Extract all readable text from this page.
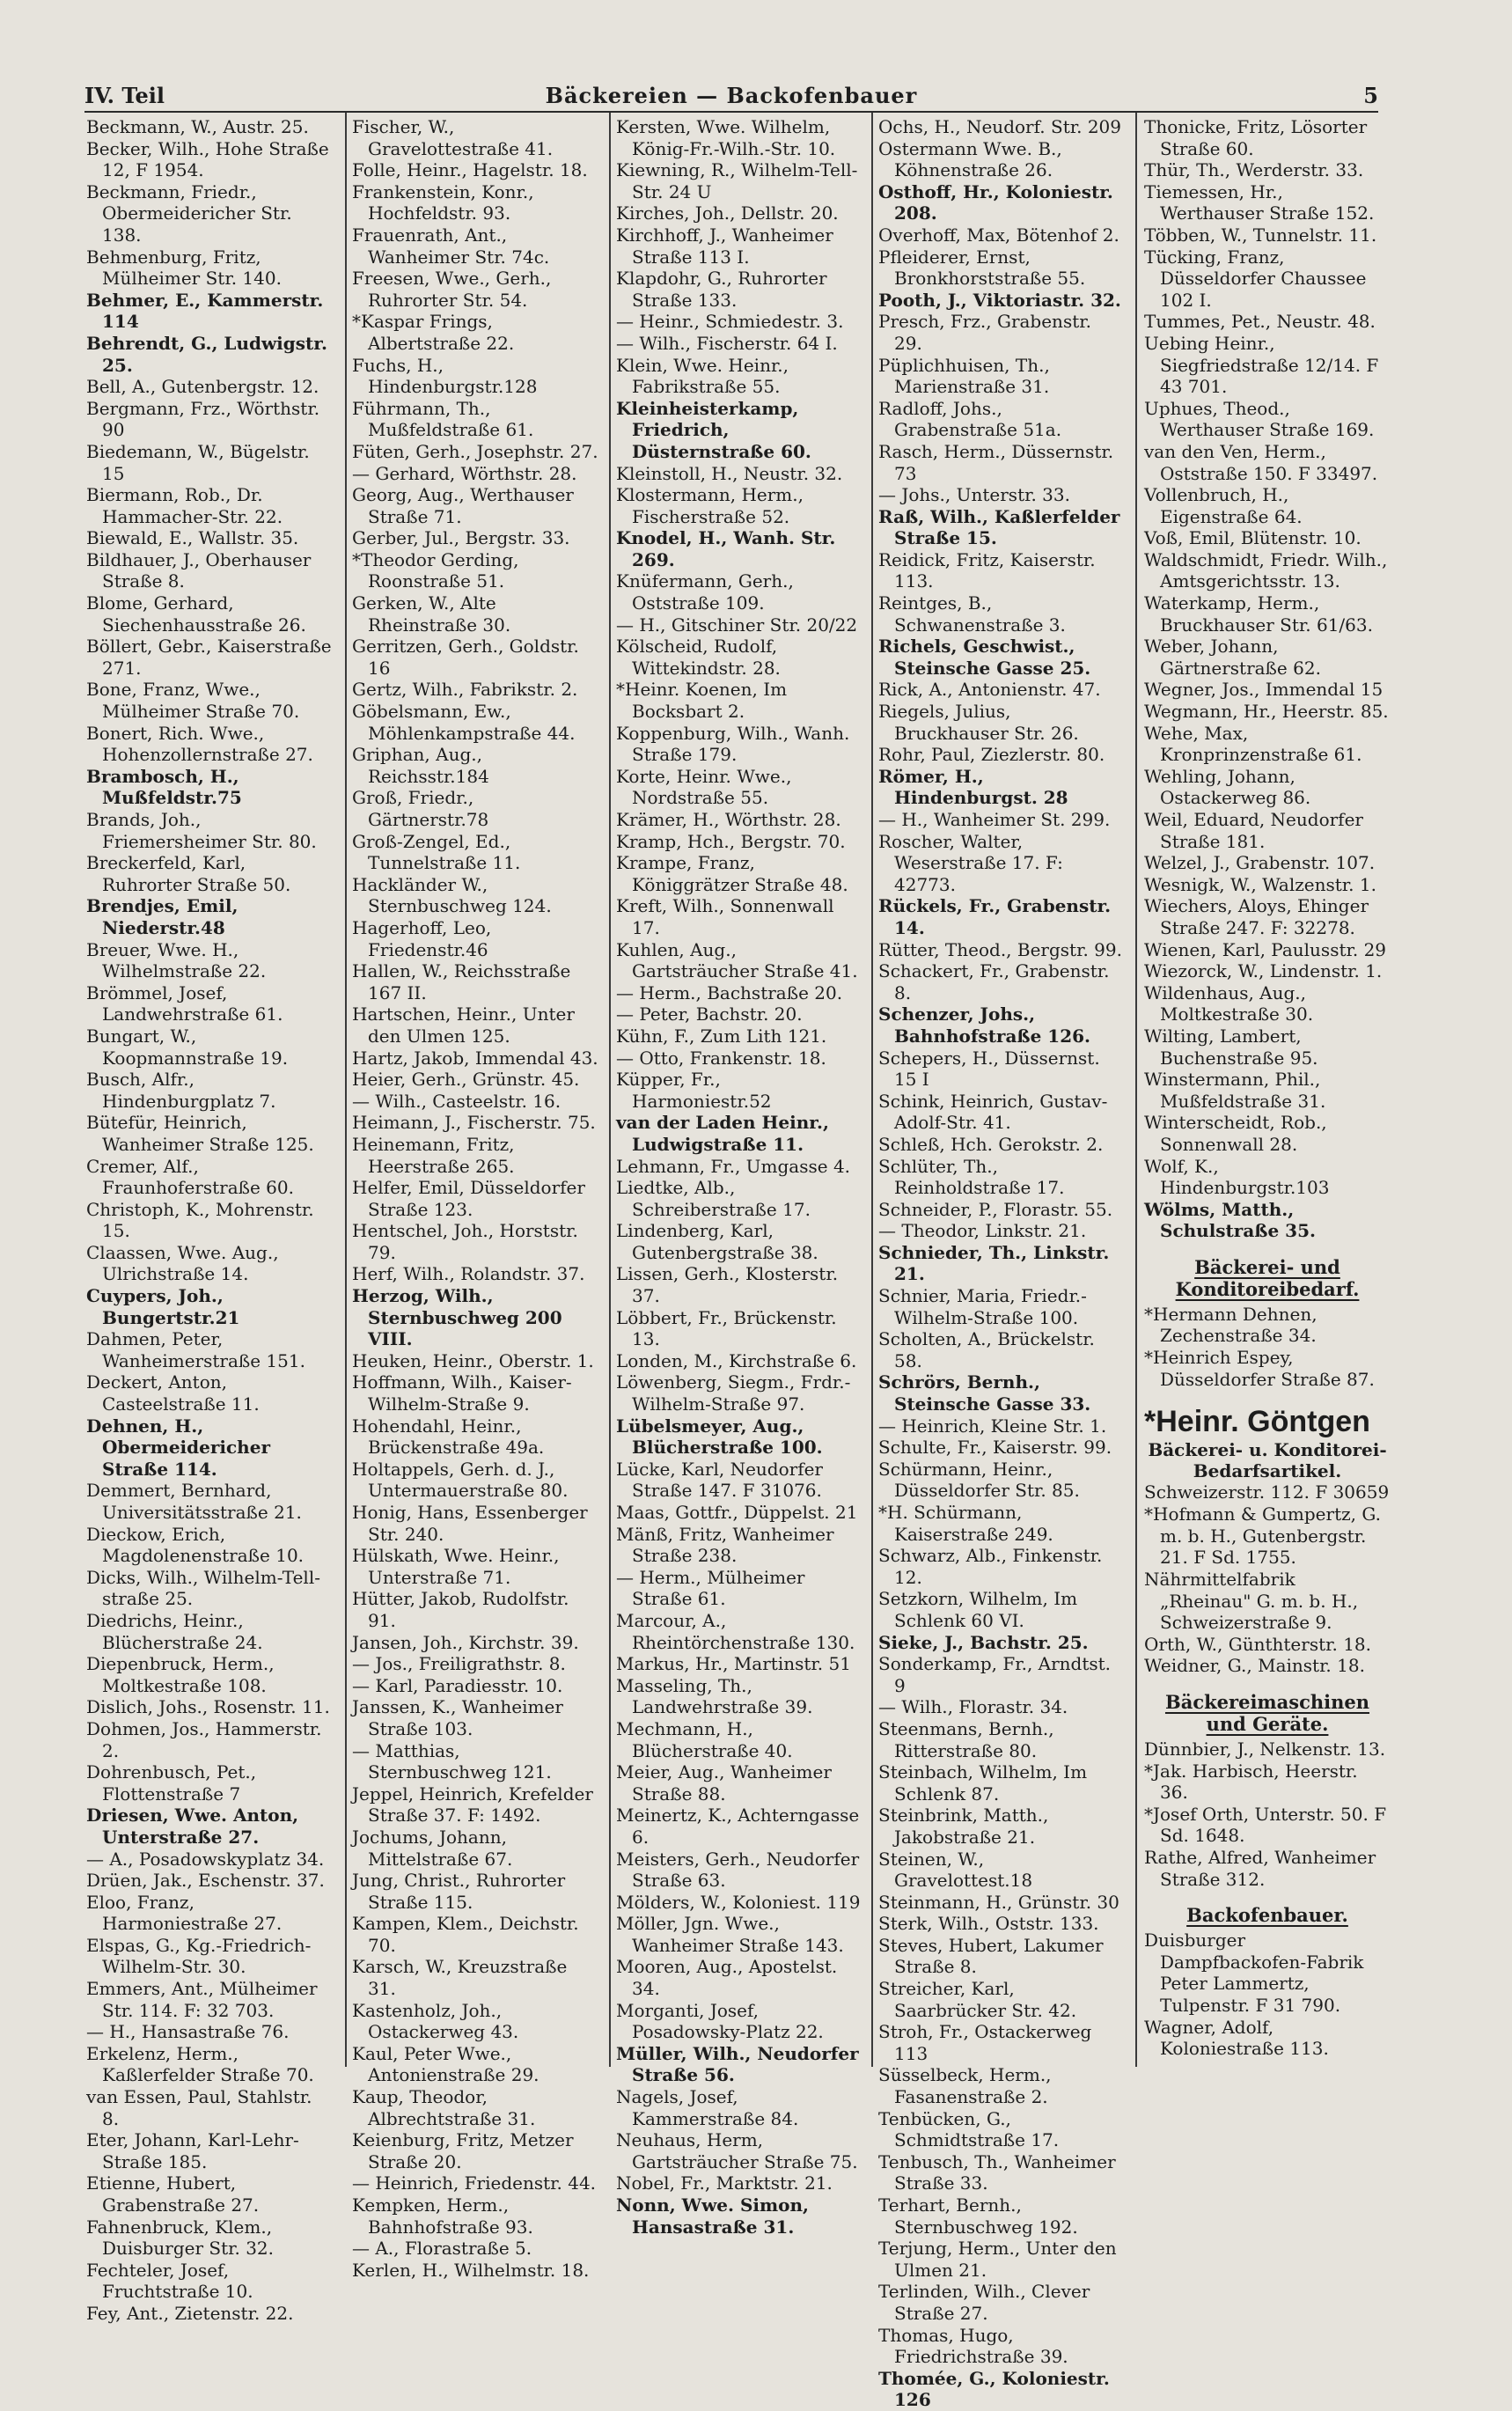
IV. Teil	Bäckereien — Backofenbauer	5

Beckmann, W., Austr. 25.

Becker, Wilh., Hohe Straße 12, F 1954.

Beckmann, Friedr., Obermeidericher Str. 138.

Behmenburg, Fritz, Mülheimer Str. 140.

Behmer, E., Kammerstr. 114

Behrendt, G., Ludwigstr. 25.

Bell, A., Gutenbergstr. 12.

Bergmann, Frz., Wörthstr. 90

Biedemann, W., Bügelstr. 15

Biermann, Rob., Dr. Hammacher-Str. 22.

Biewald, E., Wallstr. 35.

Bildhauer, J., Oberhauser Straße 8.

Blome, Gerhard, Siechenhausstraße 26.

Böllert, Gebr., Kaiserstraße 271.

Bone, Franz, Wwe., Mülheimer Straße 70.

Bonert, Rich. Wwe., Hohenzollernstraße 27.

Brambosch, H., Mußfeldstr.75

Brands, Joh., Friemersheimer Str. 80.

Breckerfeld, Karl, Ruhrorter Straße 50.

Brendjes, Emil, Niederstr.48

Breuer, Wwe. H., Wilhelmstraße 22.

Brömmel, Josef, Landwehrstraße 61.

Bungart, W., Koopmannstraße 19.

Busch, Alfr., Hindenburgplatz 7.

Bütefür, Heinrich, Wanheimer Straße 125.

Cremer, Alf., Fraunhoferstraße 60.

Christoph, K., Mohrenstr. 15.

Claassen, Wwe. Aug., Ulrichstraße 14.

Cuypers, Joh., Bungertstr.21

Dahmen, Peter, Wanheimerstraße 151.

Deckert, Anton, Casteelstraße 11.

Dehnen, H., Obermeidericher Straße 114.

Demmert, Bernhard, Universitätsstraße 21.

Dieckow, Erich, Magdolenenstraße 10.

Dicks, Wilh., Wilhelm-Tell-straße 25.

Diedrichs, Heinr., Blücherstraße 24.

Diepenbruck, Herm., Moltkestraße 108.

Dislich, Johs., Rosenstr. 11.

Dohmen, Jos., Hammerstr. 2.

Dohrenbusch, Pet., Flottenstraße 7

Driesen, Wwe. Anton, Unterstraße 27.

— A., Posadowskyplatz 34.

Drüen, Jak., Eschenstr. 37.

Eloo, Franz, Harmoniestraße 27.

Elspas, G., Kg.-Friedrich-Wilhelm-Str. 30.

Emmers, Ant., Mülheimer Str. 114. F: 32 703.

— H., Hansastraße 76.

Erkelenz, Herm., Kaßlerfelder Straße 70.

van Essen, Paul, Stahlstr. 8.

Eter, Johann, Karl-Lehr-Straße 185.

Etienne, Hubert, Grabenstraße 27.

Fahnenbruck, Klem., Duisburger Str. 32.

Fechteler, Josef, Fruchtstraße 10.

Fey, Ant., Zietenstr. 22.

Fischer, W., Gravelottestraße 41.

Folle, Heinr., Hagelstr. 18.

Frankenstein, Konr., Hochfeldstr. 93.

Frauenrath, Ant., Wanheimer Str. 74c.

Freesen, Wwe., Gerh., Ruhrorter Str. 54.

*Kaspar Frings, Albertstraße 22.

Fuchs, H., Hindenburgstr.128

Führmann, Th., Mußfeldstraße 61.

Füten, Gerh., Josephstr. 27.

— Gerhard, Wörthstr. 28.

Georg, Aug., Werthauser Straße 71.

Gerber, Jul., Bergstr. 33.

*Theodor Gerding, Roonstraße 51.

Gerken, W., Alte Rheinstraße 30.

Gerritzen, Gerh., Goldstr. 16

Gertz, Wilh., Fabrikstr. 2.

Göbelsmann, Ew., Möhlenkampstraße 44.

Griphan, Aug., Reichsstr.184

Groß, Friedr., Gärtnerstr.78

Groß-Zengel, Ed., Tunnelstraße 11.

Hackländer W., Sternbuschweg 124.

Hagerhoff, Leo, Friedenstr.46

Hallen, W., Reichsstraße 167 II.

Hartschen, Heinr., Unter den Ulmen 125.

Hartz, Jakob, Immendal 43.

Heier, Gerh., Grünstr. 45.

— Wilh., Casteelstr. 16.

Heimann, J., Fischerstr. 75.

Heinemann, Fritz, Heerstraße 265.

Helfer, Emil, Düsseldorfer Straße 123.

Hentschel, Joh., Horststr. 79.

Herf, Wilh., Rolandstr. 37.

Herzog, Wilh., Sternbuschweg 200 VIII.

Heuken, Heinr., Oberstr. 1.

Hoffmann, Wilh., Kaiser-Wilhelm-Straße 9.

Hohendahl, Heinr., Brückenstraße 49a.

Holtappels, Gerh. d. J., Untermauerstraße 80.

Honig, Hans, Essenberger Str. 240.

Hülskath, Wwe. Heinr., Unterstraße 71.

Hütter, Jakob, Rudolfstr. 91.

Jansen, Joh., Kirchstr. 39.

— Jos., Freiligrathstr. 8.

— Karl, Paradiesstr. 10.

Janssen, K., Wanheimer Straße 103.

— Matthias, Sternbuschweg 121.

Jeppel, Heinrich, Krefelder Straße 37. F: 1492.

Jochums, Johann, Mittelstraße 67.

Jung, Christ., Ruhrorter Straße 115.

Kampen, Klem., Deichstr. 70.

Karsch, W., Kreuzstraße 31.

Kastenholz, Joh., Ostackerweg 43.

Kaul, Peter Wwe., Antonienstraße 29.

Kaup, Theodor, Albrechtstraße 31.

Keienburg, Fritz, Metzer Straße 20.

— Heinrich, Friedenstr. 44.

Kempken, Herm., Bahnhofstraße 93.

— A., Florastraße 5.

Kerlen, H., Wilhelmstr. 18.

Kersten, Wwe. Wilhelm, König-Fr.-Wilh.-Str. 10.

Kiewning, R., Wilhelm-Tell-Str. 24 U

Kirches, Joh., Dellstr. 20.

Kirchhoff, J., Wanheimer Straße 113 I.

Klapdohr, G., Ruhrorter Straße 133.

— Heinr., Schmiedestr. 3.

— Wilh., Fischerstr. 64 I.

Klein, Wwe. Heinr., Fabrikstraße 55.

Kleinheisterkamp, Friedrich, Düsternstraße 60.

Kleinstoll, H., Neustr. 32.

Klostermann, Herm., Fischerstraße 52.

Knodel, H., Wanh. Str. 269.

Knüfermann, Gerh., Oststraße 109.

— H., Gitschiner Str. 20/22

Kölscheid, Rudolf, Wittekindstr. 28.

*Heinr. Koenen, Im Bocksbart 2.

Koppenburg, Wilh., Wanh. Straße 179.

Korte, Heinr. Wwe., Nordstraße 55.

Krämer, H., Wörthstr. 28.

Kramp, Hch., Bergstr. 70.

Krampe, Franz, Königgrätzer Straße 48.

Kreft, Wilh., Sonnenwall 17.

Kuhlen, Aug., Gartsträucher Straße 41.

— Herm., Bachstraße 20.

— Peter, Bachstr. 20.

Kühn, F., Zum Lith 121.

— Otto, Frankenstr. 18.

Küpper, Fr., Harmoniestr.52

van der Laden Heinr., Ludwigstraße 11.

Lehmann, Fr., Umgasse 4.

Liedtke, Alb., Schreiberstraße 17.

Lindenberg, Karl, Gutenbergstraße 38.

Lissen, Gerh., Klosterstr. 37.

Löbbert, Fr., Brückenstr. 13.

Londen, M., Kirchstraße 6.

Löwenberg, Siegm., Frdr.-Wilhelm-Straße 97.

Lübelsmeyer, Aug., Blücherstraße 100.

Lücke, Karl, Neudorfer Straße 147. F 31076.

Maas, Gottfr., Düppelst. 21

Mänß, Fritz, Wanheimer Straße 238.

— Herm., Mülheimer Straße 61.

Marcour, A., Rheintörchenstraße 130.

Markus, Hr., Martinstr. 51

Masseling, Th., Landwehrstraße 39.

Mechmann, H., Blücherstraße 40.

Meier, Aug., Wanheimer Straße 88.

Meinertz, K., Achterngasse 6.

Meisters, Gerh., Neudorfer Straße 63.

Mölders, W., Koloniest. 119

Möller, Jgn. Wwe., Wanheimer Straße 143.

Mooren, Aug., Apostelst. 34.

Morganti, Josef, Posadowsky-Platz 22.

Müller, Wilh., Neudorfer Straße 56.

Nagels, Josef, Kammerstraße 84.

Neuhaus, Herm, Gartsträucher Straße 75.

Nobel, Fr., Marktstr. 21.

Nonn, Wwe. Simon, Hansastraße 31.

Ochs, H., Neudorf. Str. 209

Ostermann Wwe. B., Köhnenstraße 26.

Osthoff, Hr., Koloniestr. 208.

Overhoff, Max, Bötenhof 2.

Pfleiderer, Ernst, Bronkhorststraße 55.

Pooth, J., Viktoriastr. 32.

Presch, Frz., Grabenstr. 29.

Püplichhuisen, Th., Marienstraße 31.

Radloff, Johs., Grabenstraße 51a.

Rasch, Herm., Düssernstr. 73

— Johs., Unterstr. 33.

Raß, Wilh., Kaßlerfelder Straße 15.

Reidick, Fritz, Kaiserstr. 113.

Reintges, B., Schwanenstraße 3.

Richels, Geschwist., Steinsche Gasse 25.

Rick, A., Antonienstr. 47.

Riegels, Julius, Bruckhauser Str. 26.

Rohr, Paul, Ziezlerstr. 80.

Römer, H., Hindenburgst. 28

— H., Wanheimer St. 299.

Roscher, Walter, Weserstraße 17. F: 42773.

Rückels, Fr., Grabenstr. 14.

Rütter, Theod., Bergstr. 99.

Schackert, Fr., Grabenstr. 8.

Schenzer, Johs., Bahnhofstraße 126.

Schepers, H., Düssernst. 15 I

Schink, Heinrich, Gustav-Adolf-Str. 41.

Schleß, Hch. Gerokstr. 2.

Schlüter, Th., Reinholdstraße 17.

Schneider, P., Florastr. 55.

— Theodor, Linkstr. 21.

Schnieder, Th., Linkstr. 21.

Schnier, Maria, Friedr.-Wilhelm-Straße 100.

Scholten, A., Brückelstr. 58.

Schrörs, Bernh., Steinsche Gasse 33.

— Heinrich, Kleine Str. 1.

Schulte, Fr., Kaiserstr. 99.

Schürmann, Heinr., Düsseldorfer Str. 85.

*H. Schürmann, Kaiserstraße 249.

Schwarz, Alb., Finkenstr. 12.

Setzkorn, Wilhelm, Im Schlenk 60 VI.

Sieke, J., Bachstr. 25.

Sonderkamp, Fr., Arndtst. 9

— Wilh., Florastr. 34.

Steenmans, Bernh., Ritterstraße 80.

Steinbach, Wilhelm, Im Schlenk 87.

Steinbrink, Matth., Jakobstraße 21.

Steinen, W., Gravelottest.18

Steinmann, H., Grünstr. 30

Sterk, Wilh., Oststr. 133.

Steves, Hubert, Lakumer Straße 8.

Streicher, Karl, Saarbrücker Str. 42.

Stroh, Fr., Ostackerweg 113

Süsselbeck, Herm., Fasanenstraße 2.

Tenbücken, G., Schmidtstraße 17.

Tenbusch, Th., Wanheimer Straße 33.

Terhart, Bernh., Sternbuschweg 192.

Terjung, Herm., Unter den Ulmen 21.

Terlinden, Wilh., Clever Straße 27.

Thomas, Hugo, Friedrichstraße 39.

Thomée, G., Koloniestr. 126

Thonicke, Fritz, Lösorter Straße 60.

Thür, Th., Werderstr. 33.

Tiemessen, Hr., Werthauser Straße 152.

Többen, W., Tunnelstr. 11.

Tücking, Franz, Düsseldorfer Chaussee 102 I.

Tummes, Pet., Neustr. 48.

Uebing Heinr., Siegfriedstraße 12/14. F 43 701.

Uphues, Theod., Werthauser Straße 169.

van den Ven, Herm., Oststraße 150. F 33497.

Vollenbruch, H., Eigenstraße 64.

Voß, Emil, Blütenstr. 10.

Waldschmidt, Friedr. Wilh., Amtsgerichtsstr. 13.

Waterkamp, Herm., Bruckhauser Str. 61/63.

Weber, Johann, Gärtnerstraße 62.

Wegner, Jos., Immendal 15

Wegmann, Hr., Heerstr. 85.

Wehe, Max, Kronprinzenstraße 61.

Wehling, Johann, Ostackerweg 86.

Weil, Eduard, Neudorfer Straße 181.

Welzel, J., Grabenstr. 107.

Wesnigk, W., Walzenstr. 1.

Wiechers, Aloys, Ehinger Straße 247. F: 32278.

Wienen, Karl, Paulusstr. 29

Wiezorck, W., Lindenstr. 1.

Wildenhaus, Aug., Moltkestraße 30.

Wilting, Lambert, Buchenstraße 95.

Winstermann, Phil., Mußfeldstraße 31.

Winterscheidt, Rob., Sonnenwall 28.

Wolf, K., Hindenburgstr.103

Wölms, Matth., Schulstraße 35.

Bäckerei- und Konditoreibedarf.

*Hermann Dehnen, Zechenstraße 34.

*Heinrich Espey, Düsseldorfer Straße 87.

*Heinr. Göntgen
Bäckerei- u. Konditorei-Bedarfsartikel.
Schweizerstr. 112. F 30659

*Hofmann & Gumpertz, G. m. b. H., Gutenbergstr. 21. F Sd. 1755.

Nährmittelfabrik „Rheinau" G. m. b. H., Schweizerstraße 9.

Orth, W., Günthterstr. 18.

Weidner, G., Mainstr. 18.

Bäckereimaschinen und Geräte.

Dünnbier, J., Nelkenstr. 13.

*Jak. Harbisch, Heerstr. 36.

*Josef Orth, Unterstr. 50. F Sd. 1648.

Rathe, Alfred, Wanheimer Straße 312.

Backofenbauer.

Duisburger Dampfbackofen-Fabrik Peter Lammertz, Tulpenstr. F 31 790.

Wagner, Adolf, Koloniestraße 113.
